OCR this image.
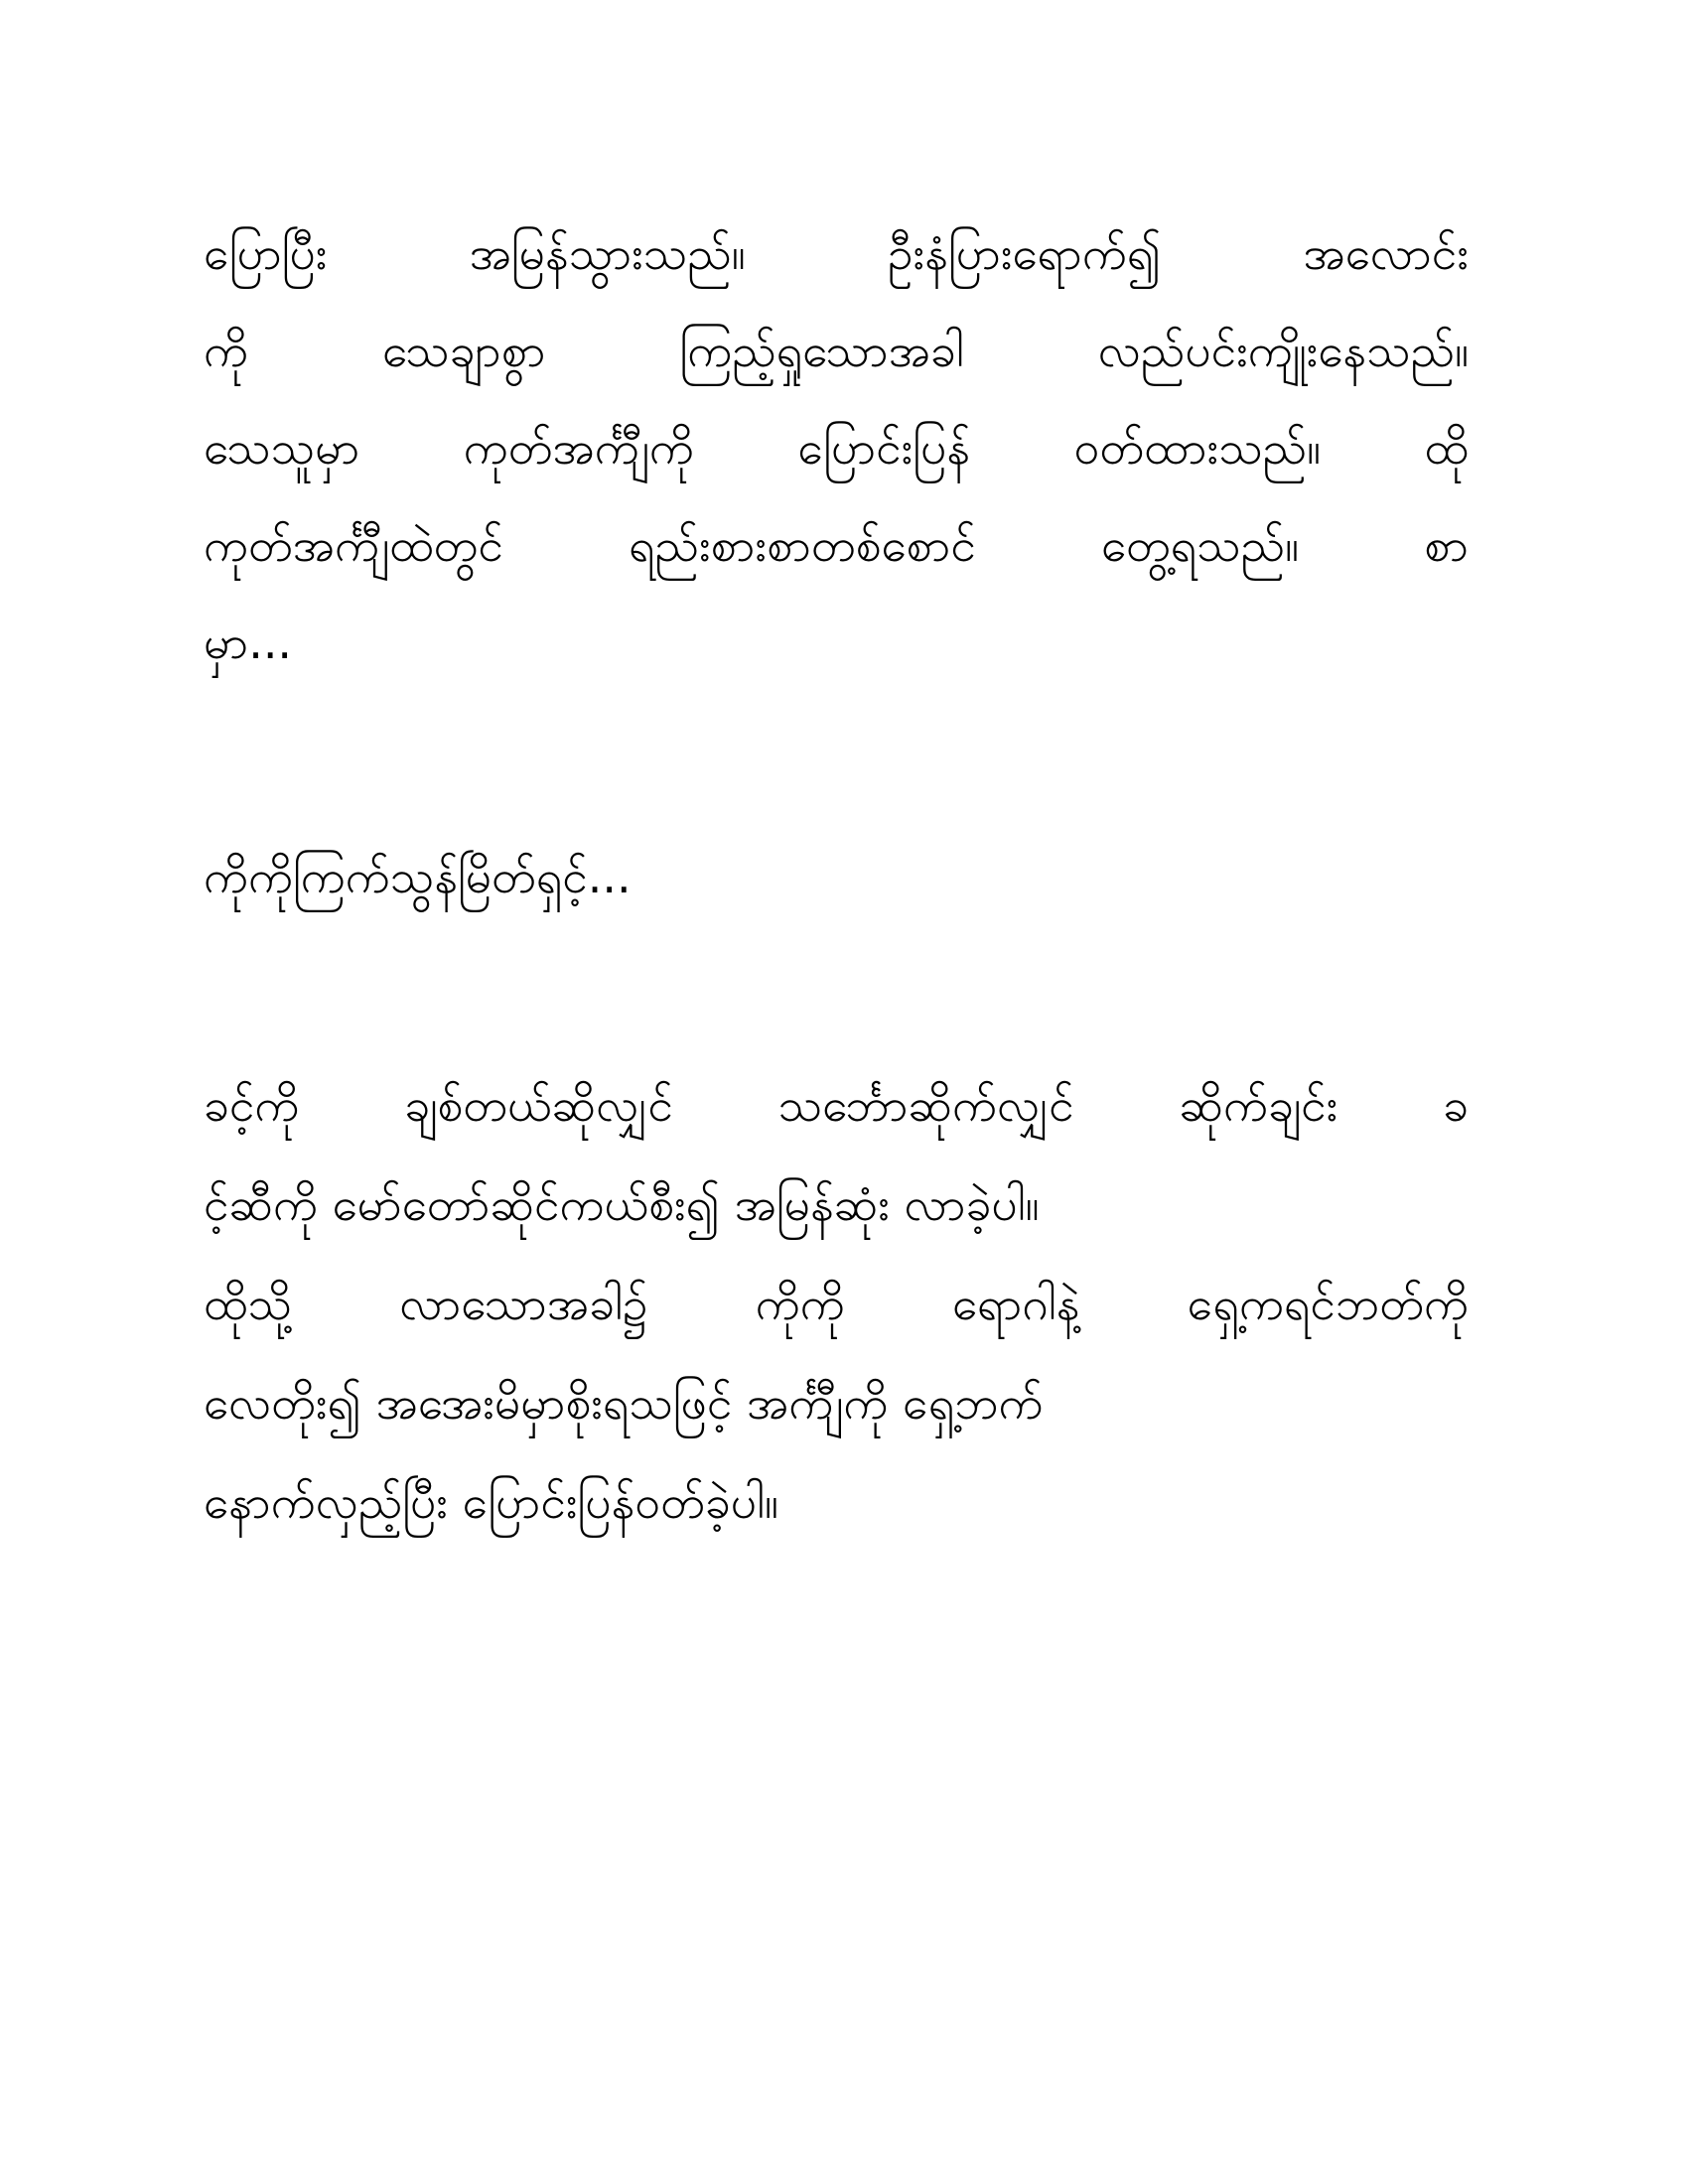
ပြောပြီး အမြန်သွားသည်။ ဦးနံပြားရောက်၍ အလောင်း
ကို သေချာစွာ ကြည့်ရှုသောအခါ လည်ပင်းကျိုးနေသည်။
သေသူမှာ ကုတ်အင်္ကျီကို ပြောင်းပြန် ဝတ်ထားသည်။ ထို
ကုတ်အင်္ကျီထဲတွင် ရည်းစားစာတစ်စောင် တွေ့ရသည်။ စာ
မှာ...
ကိုကိုကြက်သွန်မြိတ်ရှင့်...
ခင့်ကို ချစ်တယ်ဆိုလျှင် သင်္ဘောဆိုက်လျှင် ဆိုက်ချင်း ခ
င့်ဆီကို မော်တော်ဆိုင်ကယ်စီး၍ အမြန်ဆုံး လာခဲ့ပါ။
ထိုသို့ လာသောအခါ၌ ကိုကို ရောဂါနဲ့ ရှေ့ကရင်ဘတ်ကို
လေတိုး၍ အအေးမိမှာစိုးရသဖြင့် အင်္ကျီကို ရှေ့ဘက်
နောက်လှည့်ပြီး ပြောင်းပြန်ဝတ်ခဲ့ပါ။
